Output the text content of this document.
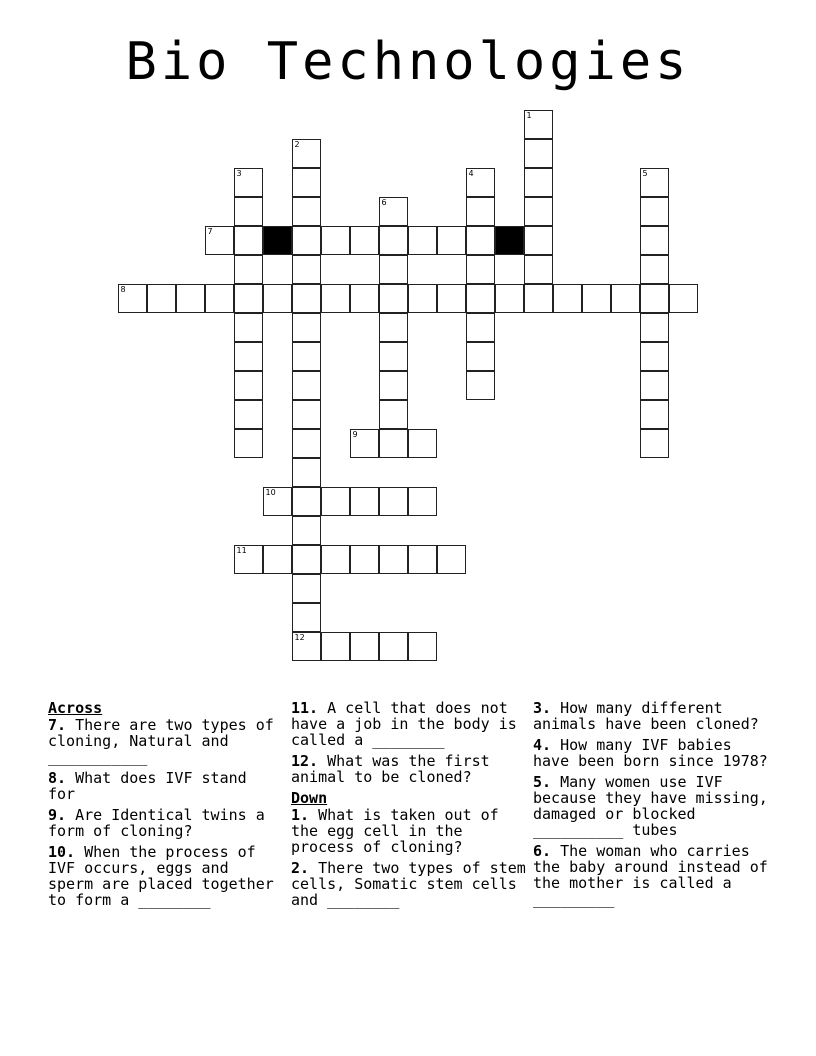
Bio Technologies
1
2
12
3	4	5
6
7
8
9
10
11
Across
7. There are two types of cloning, Natural and ___________
8. What does IVF stand for
9. Are Identical twins a form of cloning?
10. When the process of IVF occurs, eggs and sperm are placed together to form a ________
11. A cell that does not have a job in the body is called a ________
12. What was the first animal to be cloned?
Down
1. What is taken out of the egg cell in the process of cloning?
2. There two types of stem cells, Somatic stem cells and ________
3. How many different animals have been cloned?
4. How many IVF babies have been born since 1978?
5. Many women use IVF because they have missing, damaged or blocked __________ tubes
6. The woman who carries the baby around instead of the mother is called a _________
